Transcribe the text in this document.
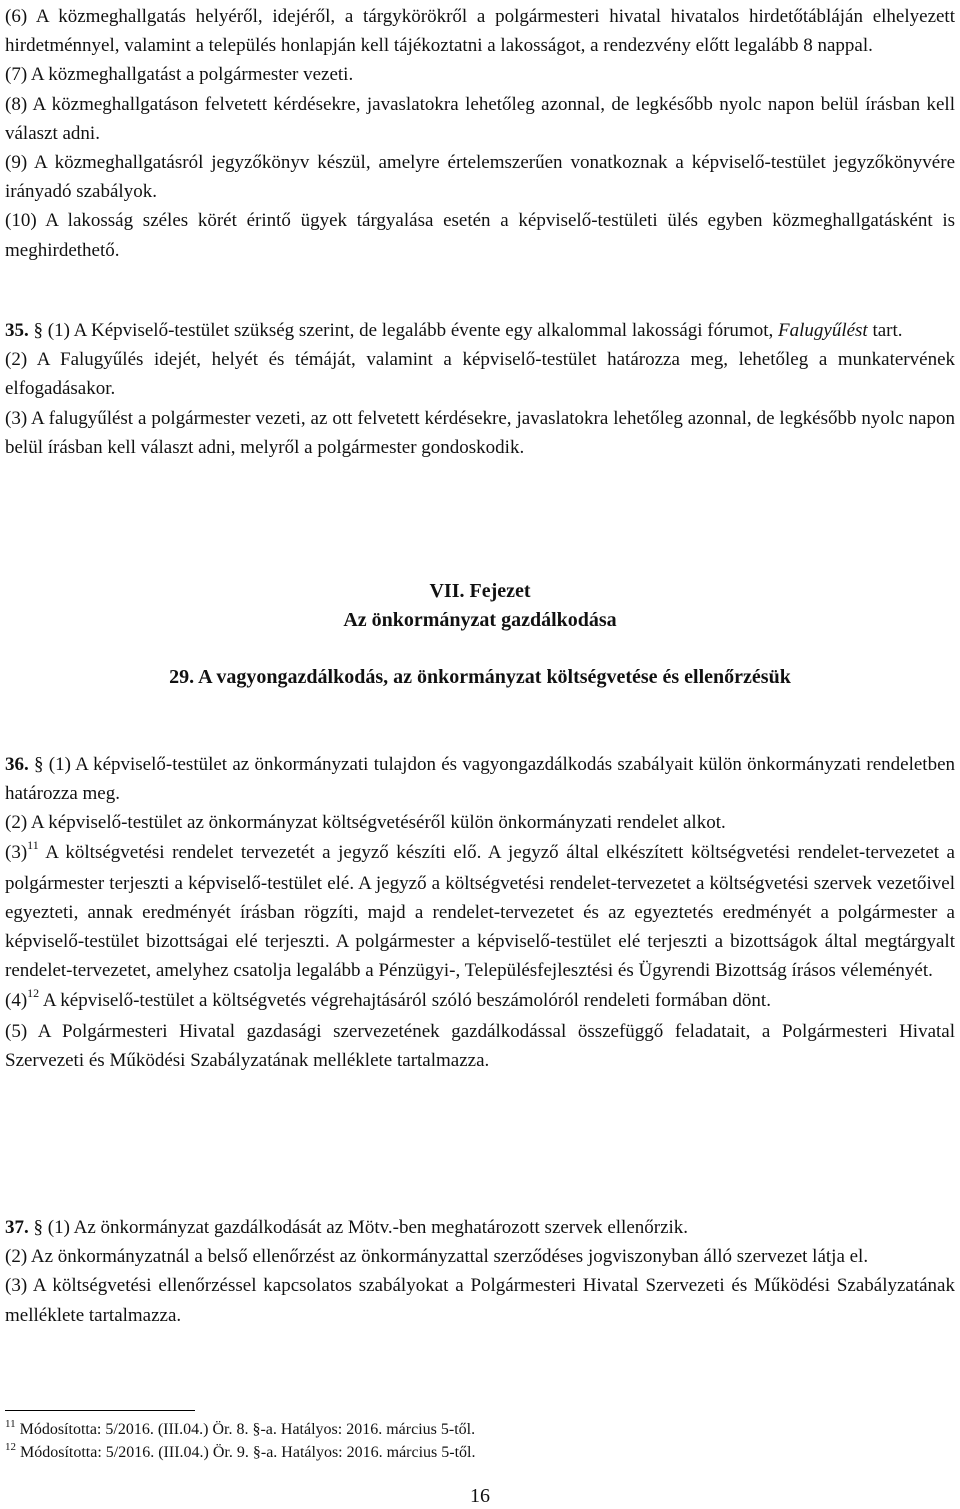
(6) A közmeghallgatás helyéről, idejéről, a tárgykörökről a polgármesteri hivatal hivatalos hirdetőtábláján elhelyezett hirdetménnyel, valamint a település honlapján kell tájékoztatni a lakosságot, a rendezvény előtt legalább 8 nappal.

(7) A közmeghallgatást a polgármester vezeti.

(8) A közmeghallgatáson felvetett kérdésekre, javaslatokra lehetőleg azonnal, de legkésőbb nyolc napon belül írásban kell választ adni.

(9) A közmeghallgatásról jegyzőkönyv készül, amelyre értelemszerűen vonatkoznak a képviselő-testület jegyzőkönyvére irányadó szabályok.

(10) A lakosság széles körét érintő ügyek tárgyalása esetén a képviselő-testületi ülés egyben közmeghallgatásként is meghirdethető.

35. § (1) A Képviselő-testület szükség szerint, de legalább évente egy alkalommal lakossági fórumot, Falugyűlést tart.

(2) A Falugyűlés idejét, helyét és témáját, valamint a képviselő-testület határozza meg, lehetőleg a munkatervének elfogadásakor.

(3) A falugyűlést a polgármester vezeti, az ott felvetett kérdésekre, javaslatokra lehetőleg azonnal, de legkésőbb nyolc napon belül írásban kell választ adni, melyről a polgármester gondoskodik.

VII. Fejezet
Az önkormányzat gazdálkodása
29. A vagyongazdálkodás, az önkormányzat költségvetése és ellenőrzésük

36. § (1) A képviselő-testület az önkormányzati tulajdon és vagyongazdálkodás szabályait külön önkormányzati rendeletben határozza meg.

(2) A képviselő-testület az önkormányzat költségvetéséről külön önkormányzati rendelet alkot.

$(3)^{11}$ A költségvetési rendelet tervezetét a jegyző készíti elő. A jegyző által elkészített költségvetési rendelet-tervezetet a polgármester terjeszti a képviselő-testület elé. A jegyző a költségvetési rendelet-tervezetet a költségvetési szervek vezetőivel egyezteti, annak eredményét írásban rögzíti, majd a rendelet-tervezetet és az egyeztetés eredményét a polgármester a képviselő-testület bizottságai elé terjeszti. A polgármester a képviselő-testület elé terjeszti a bizottságok által megtárgyalt rendelet-tervezetet, amelyhez csatolja legalább a Pénzügyi-, Településfejlesztési és Ügyrendi Bizottság írásos véleményét.

$(4)^{12}$ A képviselő-testület a költségvetés végrehajtásáról szóló beszámolóról rendeleti formában dönt.

(5) A Polgármesteri Hivatal gazdasági szervezetének gazdálkodással összefüggő feladatait, a Polgármesteri Hivatal Szervezeti és Működési Szabályzatának melléklete tartalmazza.

37. § (1) Az önkormányzat gazdálkodását az Mötv.-ben meghatározott szervek ellenőrzik.

(2) Az önkormányzatnál a belső ellenőrzést az önkormányzattal szerződéses jogviszonyban álló szervezet látja el.

(3) A költségvetési ellenőrzéssel kapcsolatos szabályokat a Polgármesteri Hivatal Szervezeti és Működési Szabályzatának melléklete tartalmazza.

$^{11}$ Módosította: 5/2016. (III.04.) Ör. 8. §-a. Hatályos: 2016. március 5-től.
$^{12}$ Módosította: 5/2016. (III.04.) Ör. 9. §-a. Hatályos: 2016. március 5-től.
16
